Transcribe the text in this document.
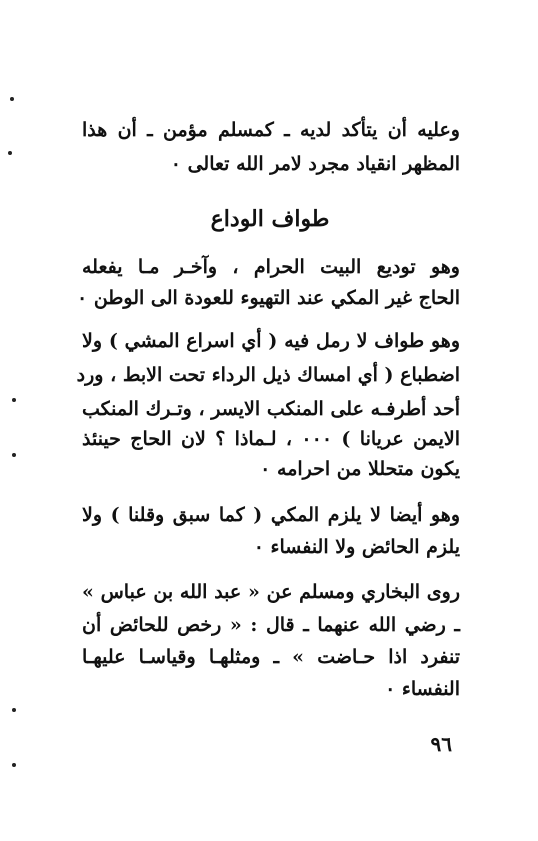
وعليه أن يتأكد لديه ـ كمسلم مؤمن ـ أن هذا
المظهر انقياد مجرد لامر الله تعالى ٠
طواف الوداع
وهو توديع البيت الحرام ، وآخـر مـا يفعله
الحاج غير المكي عند التهيوء للعودة الى الوطن ٠
وهو طواف لا رمل فيه ( أي اسراع المشي ) ولا
اضطباع ( أي امساك ذيل الرداء تحت الابط ، ورد
أحد أطرفـه على المنكب الايسر ، وتـرك المنكب
الايمن عريانا ) ٠٠٠ ، لـماذا ؟ لان الحاج حينئذ
يكون متحللا من احرامه ٠
وهو أيضا لا يلزم المكي ( كما سبق وقلنا ) ولا
يلزم الحائض ولا النفساء ٠
روى البخاري ومسلم عن « عبد الله بن عباس »
ـ رضي الله عنهما ـ قال : « رخص للحائض أن
تنفرد اذا حـاضت » ـ ومثلهـا وقياسـا عليهـا
النفساء ٠
٩٦
